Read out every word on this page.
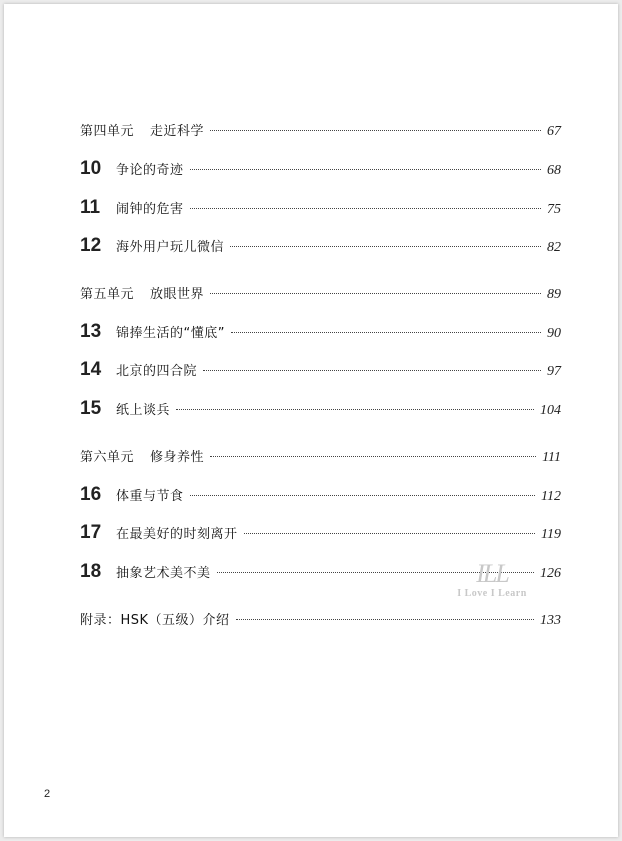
第四单元 走近科学	67
10	争论的奇迹	68
11	闹钟的危害	75
12	海外用户玩儿微信	82
第五单元 放眼世界	89
13	锦捧生活的“懂底”	90
14	北京的四合院	97
15	纸上谈兵	104
第六单元 修身养性	111
16	体重与节食	112
17	在最美好的时刻离开	119
18	抽象艺术美不美	126
附录：HSK（五级）介绍	133
ILL
I Love I Learn
2
